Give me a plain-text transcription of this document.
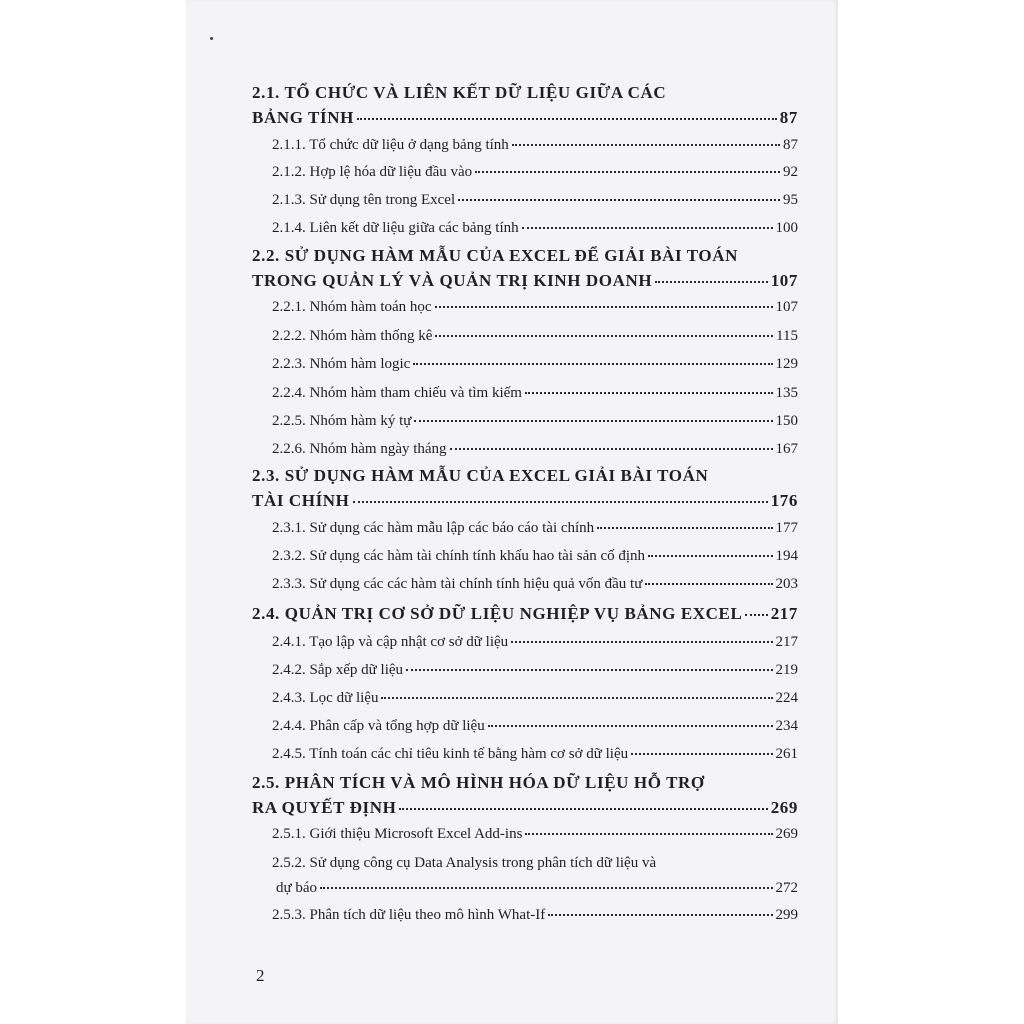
2.1. TỔ CHỨC VÀ LIÊN KẾT DỮ LIỆU GIỮA CÁC
BẢNG TÍNH	87
2.1.1. Tổ chức dữ liệu ở dạng bảng tính	87
2.1.2. Hợp lệ hóa dữ liệu đầu vào	92
2.1.3. Sử dụng tên trong Excel	95
2.1.4. Liên kết dữ liệu giữa các bảng tính	100
2.2. SỬ DỤNG HÀM MẪU CỦA EXCEL ĐỂ GIẢI BÀI TOÁN
TRONG QUẢN LÝ VÀ QUẢN TRỊ KINH DOANH	107
2.2.1. Nhóm hàm toán học	107
2.2.2. Nhóm hàm thống kê	115
2.2.3. Nhóm hàm logic	129
2.2.4. Nhóm hàm tham chiếu và tìm kiếm	135
2.2.5. Nhóm hàm ký tự	150
2.2.6. Nhóm hàm ngày tháng	167
2.3. SỬ DỤNG HÀM MẪU CỦA EXCEL GIẢI BÀI TOÁN
TÀI CHÍNH	176
2.3.1. Sử dụng các hàm mẫu lập các báo cáo tài chính	177
2.3.2. Sử dụng các hàm tài chính tính khấu hao tài sản cố định	194
2.3.3. Sử dụng các các hàm tài chính tính hiệu quả vốn đầu tư	203
2.4. QUẢN TRỊ CƠ SỞ DỮ LIỆU NGHIỆP VỤ BẢNG EXCEL 217
2.4.1. Tạo lập và cập nhật cơ sở dữ liệu	217
2.4.2. Sắp xếp dữ liệu	219
2.4.3. Lọc dữ liệu	224
2.4.4. Phân cấp và tổng hợp dữ liệu	234
2.4.5. Tính toán các chỉ tiêu kinh tế bằng hàm cơ sở dữ liệu	261
2.5. PHÂN TÍCH VÀ MÔ HÌNH HÓA DỮ LIỆU HỖ TRỢ
RA QUYẾT ĐỊNH	269
2.5.1. Giới thiệu Microsoft Excel Add-ins	269
2.5.2. Sử dụng công cụ Data Analysis trong phân tích dữ liệu và
dự báo	272
2.5.3. Phân tích dữ liệu theo mô hình What-If	299
2
